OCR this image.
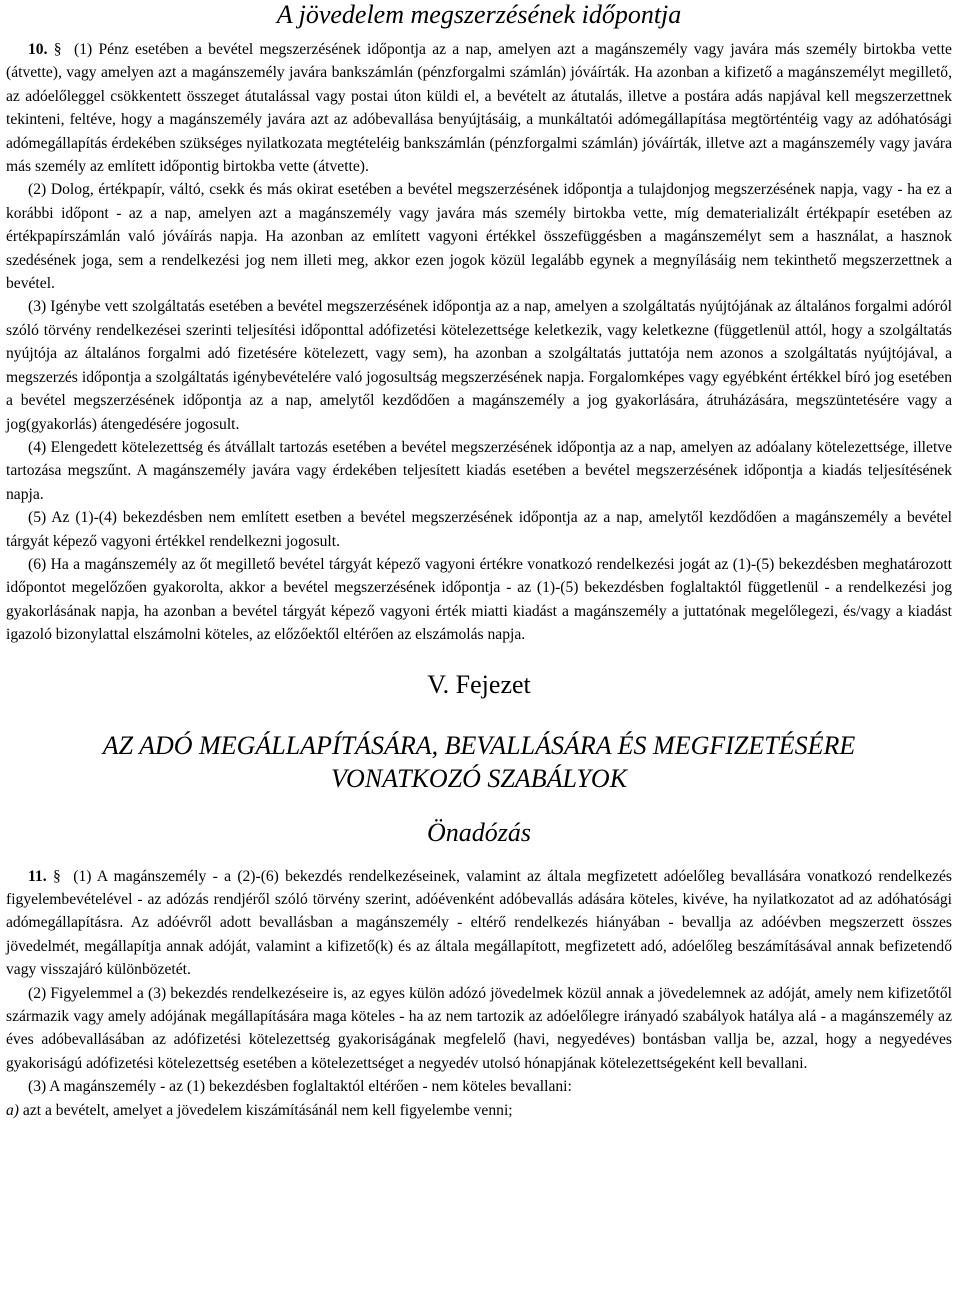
A jövedelem megszerzésének időpontja

10. § (1) Pénz esetében a bevétel megszerzésének időpontja az a nap, amelyen azt a magánszemély vagy javára más személy birtokba vette (átvette), vagy amelyen azt a magánszemély javára bankszámlán (pénzforgalmi számlán) jóváírták. Ha azonban a kifizető a magánszemélyt megillető, az adóelőleggel csökkentett összeget átutalással vagy postai úton küldi el, a bevételt az átutalás, illetve a postára adás napjával kell megszerzettnek tekinteni, feltéve, hogy a magánszemély javára azt az adóbevallása benyújtásáig, a munkáltatói adómegállapítása megtörténtéig vagy az adóhatósági adómegállapítás érdekében szükséges nyilatkozata megtételéig bankszámlán (pénzforgalmi számlán) jóváírták, illetve azt a magánszemély vagy javára más személy az említett időpontig birtokba vette (átvette).

(2) Dolog, értékpapír, váltó, csekk és más okirat esetében a bevétel megszerzésének időpontja a tulajdonjog megszerzésének napja, vagy - ha ez a korábbi időpont - az a nap, amelyen azt a magánszemély vagy javára más személy birtokba vette, míg dematerializált értékpapír esetében az értékpapírszámlán való jóváírás napja. Ha azonban az említett vagyoni értékkel összefüggésben a magánszemélyt sem a használat, a hasznok szedésének joga, sem a rendelkezési jog nem illeti meg, akkor ezen jogok közül legalább egynek a megnyílásáig nem tekinthető megszerzettnek a bevétel.

(3) Igénybe vett szolgáltatás esetében a bevétel megszerzésének időpontja az a nap, amelyen a szolgáltatás nyújtójának az általános forgalmi adóról szóló törvény rendelkezései szerinti teljesítési időponttal adófizetési kötelezettsége keletkezik, vagy keletkezne (függetlenül attól, hogy a szolgáltatás nyújtója az általános forgalmi adó fizetésére kötelezett, vagy sem), ha azonban a szolgáltatás juttatója nem azonos a szolgáltatás nyújtójával, a megszerzés időpontja a szolgáltatás igénybevételére való jogosultság megszerzésének napja. Forgalomképes vagy egyébként értékkel bíró jog esetében a bevétel megszerzésének időpontja az a nap, amelytől kezdődően a magánszemély a jog gyakorlására, átruházására, megszüntetésére vagy a jog(gyakorlás) átengedésére jogosult.

(4) Elengedett kötelezettség és átvállalt tartozás esetében a bevétel megszerzésének időpontja az a nap, amelyen az adóalany kötelezettsége, illetve tartozása megszűnt. A magánszemély javára vagy érdekében teljesített kiadás esetében a bevétel megszerzésének időpontja a kiadás teljesítésének napja.

(5) Az (1)-(4) bekezdésben nem említett esetben a bevétel megszerzésének időpontja az a nap, amelytől kezdődően a magánszemély a bevétel tárgyát képező vagyoni értékkel rendelkezni jogosult.

(6) Ha a magánszemély az őt megillető bevétel tárgyát képező vagyoni értékre vonatkozó rendelkezési jogát az (1)-(5) bekezdésben meghatározott időpontot megelőzően gyakorolta, akkor a bevétel megszerzésének időpontja - az (1)-(5) bekezdésben foglaltaktól függetlenül - a rendelkezési jog gyakorlásának napja, ha azonban a bevétel tárgyát képező vagyoni érték miatti kiadást a magánszemély a juttatónak megelőlegezi, és/vagy a kiadást igazoló bizonylattal elszámolni köteles, az előzőektől eltérően az elszámolás napja.

V. Fejezet
AZ ADÓ MEGÁLLAPÍTÁSÁRA, BEVALLÁSÁRA ÉS MEGFIZETÉSÉRE
VONATKOZÓ SZABÁLYOK
Önadózás

11. § (1) A magánszemély - a (2)-(6) bekezdés rendelkezéseinek, valamint az általa megfizetett adóelőleg bevallására vonatkozó rendelkezés figyelembevételével - az adózás rendjéről szóló törvény szerint, adóévenként adóbevallás adására köteles, kivéve, ha nyilatkozatot ad az adóhatósági adómegállapításra. Az adóévről adott bevallásban a magánszemély - eltérő rendelkezés hiányában - bevallja az adóévben megszerzett összes jövedelmét, megállapítja annak adóját, valamint a kifizető(k) és az általa megállapított, megfizetett adó, adóelőleg beszámításával annak befizetendő vagy visszajáró különbözetét.

(2) Figyelemmel a (3) bekezdés rendelkezéseire is, az egyes külön adózó jövedelmek közül annak a jövedelemnek az adóját, amely nem kifizetőtől származik vagy amely adójának megállapítására maga köteles - ha az nem tartozik az adóelőlegre irányadó szabályok hatálya alá - a magánszemély az éves adóbevallásában az adófizetési kötelezettség gyakoriságának megfelelő (havi, negyedéves) bontásban vallja be, azzal, hogy a negyedéves gyakoriságú adófizetési kötelezettség esetében a kötelezettséget a negyedév utolsó hónapjának kötelezettségeként kell bevallani.

(3) A magánszemély - az (1) bekezdésben foglaltaktól eltérően - nem köteles bevallani:

a) azt a bevételt, amelyet a jövedelem kiszámításánál nem kell figyelembe venni;
